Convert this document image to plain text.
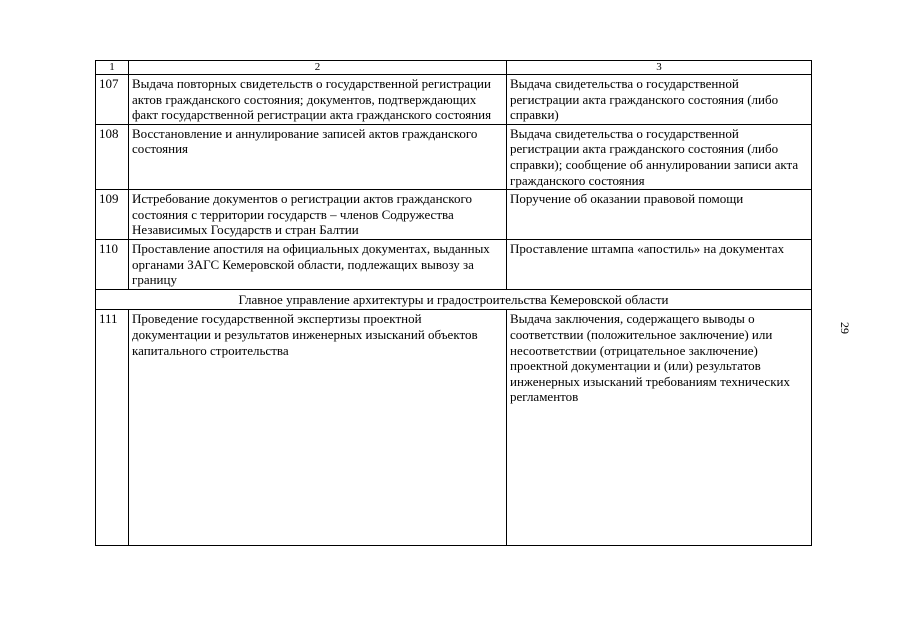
1	2	3
107	Выдача повторных свидетельств о государственной регистрации актов гражданского состояния; документов, подтверждающих факт государственной регистрации акта гражданского состояния	Выдача свидетельства о государственной регистрации акта гражданского состояния (либо справки)
108	Восстановление и аннулирование записей актов гражданского состояния	Выдача свидетельства о государственной регистрации акта гражданского состояния (либо справки); сообщение об аннулировании записи акта гражданского состояния
109	Истребование документов о регистрации актов гражданского состояния с территории государств – членов Содружества Независимых Государств и стран Балтии	Поручение об оказании правовой помощи
110	Проставление апостиля на официальных документах, выданных органами ЗАГС Кемеровской области, подлежащих вывозу за границу	Проставление штампа «апостиль» на документах
Главное управление архитектуры и градостроительства Кемеровской области		
111	Проведение государственной экспертизы проектной документации и результатов инженерных изысканий объектов капитального строительства	Выдача заключения, содержащего выводы о соответствии (положительное заключение) или несоответствии (отрицательное заключение) проектной документации и (или) результатов инженерных изысканий требованиям технических регламентов
29
